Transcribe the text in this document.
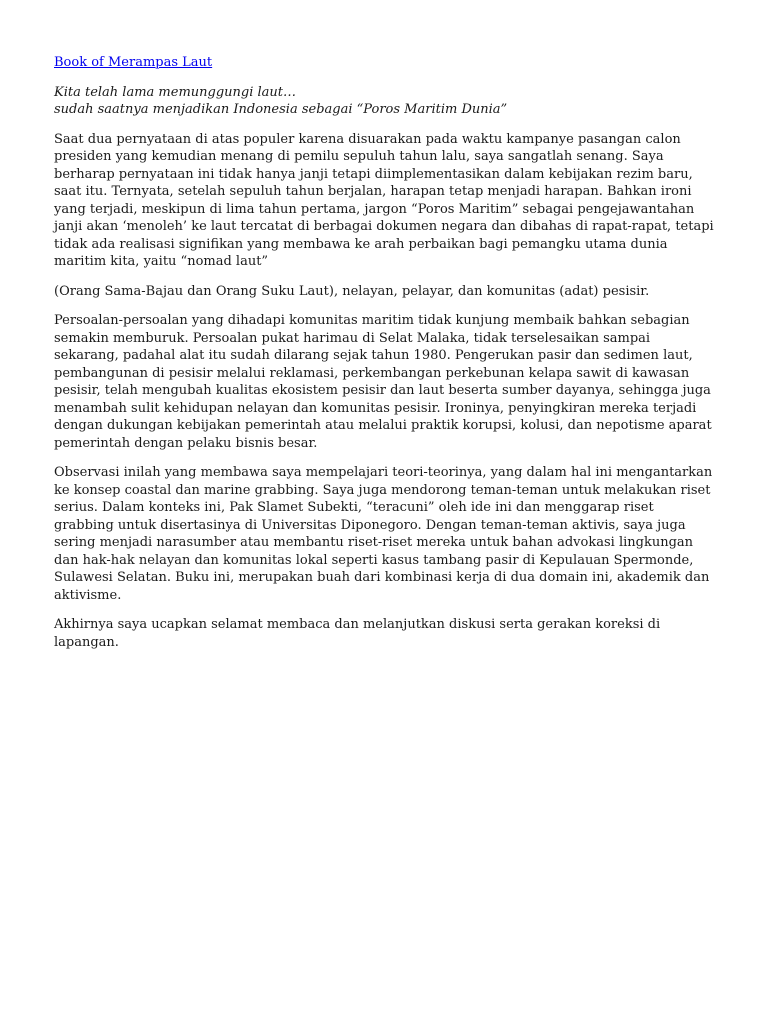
Book of Merampas Laut

Kita telah lama memunggungi laut…

sudah saatnya menjadikan Indonesia sebagai “Poros Maritim Dunia”

Saat dua pernyataan di atas populer karena disuarakan pada waktu kampanye pasangan calon presiden yang kemudian menang di pemilu sepuluh tahun lalu, saya sangatlah senang. Saya berharap pernyataan ini tidak hanya janji tetapi diimplementasikan dalam kebijakan rezim baru, saat itu. Ternyata, setelah sepuluh tahun berjalan, harapan tetap menjadi harapan. Bahkan ironi yang terjadi, meskipun di lima tahun pertama, jargon “Poros Maritim” sebagai pengejawantahan janji akan ‘menoleh’ ke laut tercatat di berbagai dokumen negara dan dibahas di rapat-rapat, tetapi tidak ada realisasi signifikan yang membawa ke arah perbaikan bagi pemangku utama dunia maritim kita, yaitu “nomad laut”

(Orang Sama-Bajau dan Orang Suku Laut), nelayan, pelayar, dan komunitas (adat) pesisir.

Persoalan-persoalan yang dihadapi komunitas maritim tidak kunjung membaik bahkan sebagian semakin memburuk. Persoalan pukat harimau di Selat Malaka, tidak terselesaikan sampai sekarang, padahal alat itu sudah dilarang sejak tahun 1980. Pengerukan pasir dan sedimen laut, pembangunan di pesisir melalui reklamasi, perkembangan perkebunan kelapa sawit di kawasan pesisir, telah mengubah kualitas ekosistem pesisir dan laut beserta sumber dayanya, sehingga juga menambah sulit kehidupan nelayan dan komunitas pesisir. Ironinya, penyingkiran mereka terjadi dengan dukungan kebijakan pemerintah atau melalui praktik korupsi, kolusi, dan nepotisme aparat pemerintah dengan pelaku bisnis besar.

Observasi inilah yang membawa saya mempelajari teori-teorinya, yang dalam hal ini mengantarkan ke konsep coastal dan marine grabbing. Saya juga mendorong teman-teman untuk melakukan riset serius. Dalam konteks ini, Pak Slamet Subekti, “teracuni” oleh ide ini dan menggarap riset grabbing untuk disertasinya di Universitas Diponegoro. Dengan teman-teman aktivis, saya juga sering menjadi narasumber atau membantu riset-riset mereka untuk bahan advokasi lingkungan dan hak-hak nelayan dan komunitas lokal seperti kasus tambang pasir di Kepulauan Spermonde, Sulawesi Selatan. Buku ini, merupakan buah dari kombinasi kerja di dua domain ini, akademik dan aktivisme.

Akhirnya saya ucapkan selamat membaca dan melanjutkan diskusi serta gerakan koreksi di lapangan.
